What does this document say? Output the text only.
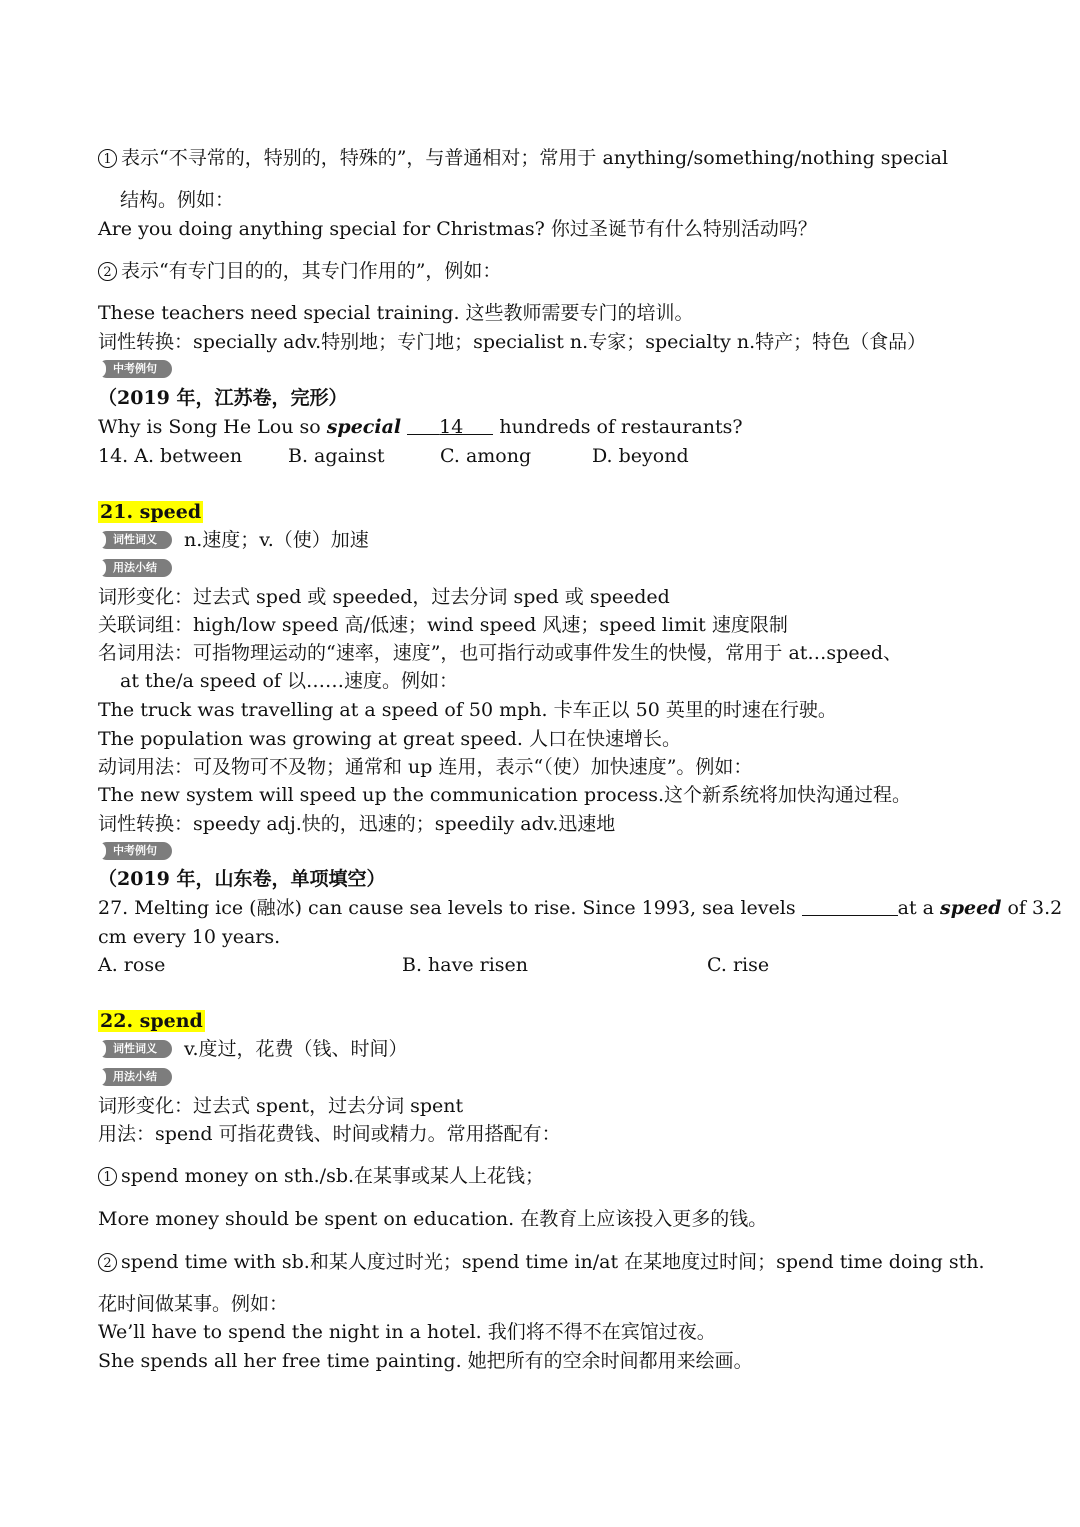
1 表示“不寻常的，特别的，特殊的”，与普通相对；常用于 anything/something/nothing special
结构。例如：
Are you doing anything special for Christmas? 你过圣诞节有什么特别活动吗？
2 表示“有专门目的的，其专门作用的”，例如：
These teachers need special training. 这些教师需要专门的培训。
词性转换：specially adv.特别地；专门地；specialist n.专家；specialty n.特产；特色（食品）
中考例句
（2019 年，江苏卷，完形）
Why is Song He Lou so special 14 hundreds of restaurants?
14. A. between B. against	C. among	D. beyond
21. speed
词性词义	n.速度；v.（使）加速
用法小结
词形变化：过去式 sped 或 speeded，过去分词 sped 或 speeded
关联词组：high/low speed 高/低速；wind speed 风速；speed limit 速度限制
名词用法：可指物理运动的“速率，速度”，也可指行动或事件发生的快慢，常用于 at…speed、
at the/a speed of 以……速度。例如：
The truck was travelling at a speed of 50 mph. 卡车正以 50 英里的时速在行驶。
The population was growing at great speed. 人口在快速增长。
动词用法：可及物可不及物；通常和 up 连用，表示“（使）加快速度”。例如：
The new system will speed up the communication process.这个新系统将加快沟通过程。
词性转换：speedy adj.快的，迅速的；speedily adv.迅速地
中考例句
（2019 年，山东卷，单项填空）
27. Melting ice (融冰) can cause sea levels to rise. Since 1993, sea levels	at a speed of 3.2
cm every 10 years.
A. rose	B. have risen	C. rise
22. spend
词性词义	v.度过，花费（钱、时间）
用法小结
词形变化：过去式 spent，过去分词 spent
用法：spend 可指花费钱、时间或精力。常用搭配有：
1 spend money on sth./sb.在某事或某人上花钱；
More money should be spent on education. 在教育上应该投入更多的钱。
2 spend time with sb.和某人度过时光；spend time in/at 在某地度过时间；spend time doing sth.
花时间做某事。例如：
We’ll have to spend the night in a hotel. 我们将不得不在宾馆过夜。
She spends all her free time painting. 她把所有的空余时间都用来绘画。
